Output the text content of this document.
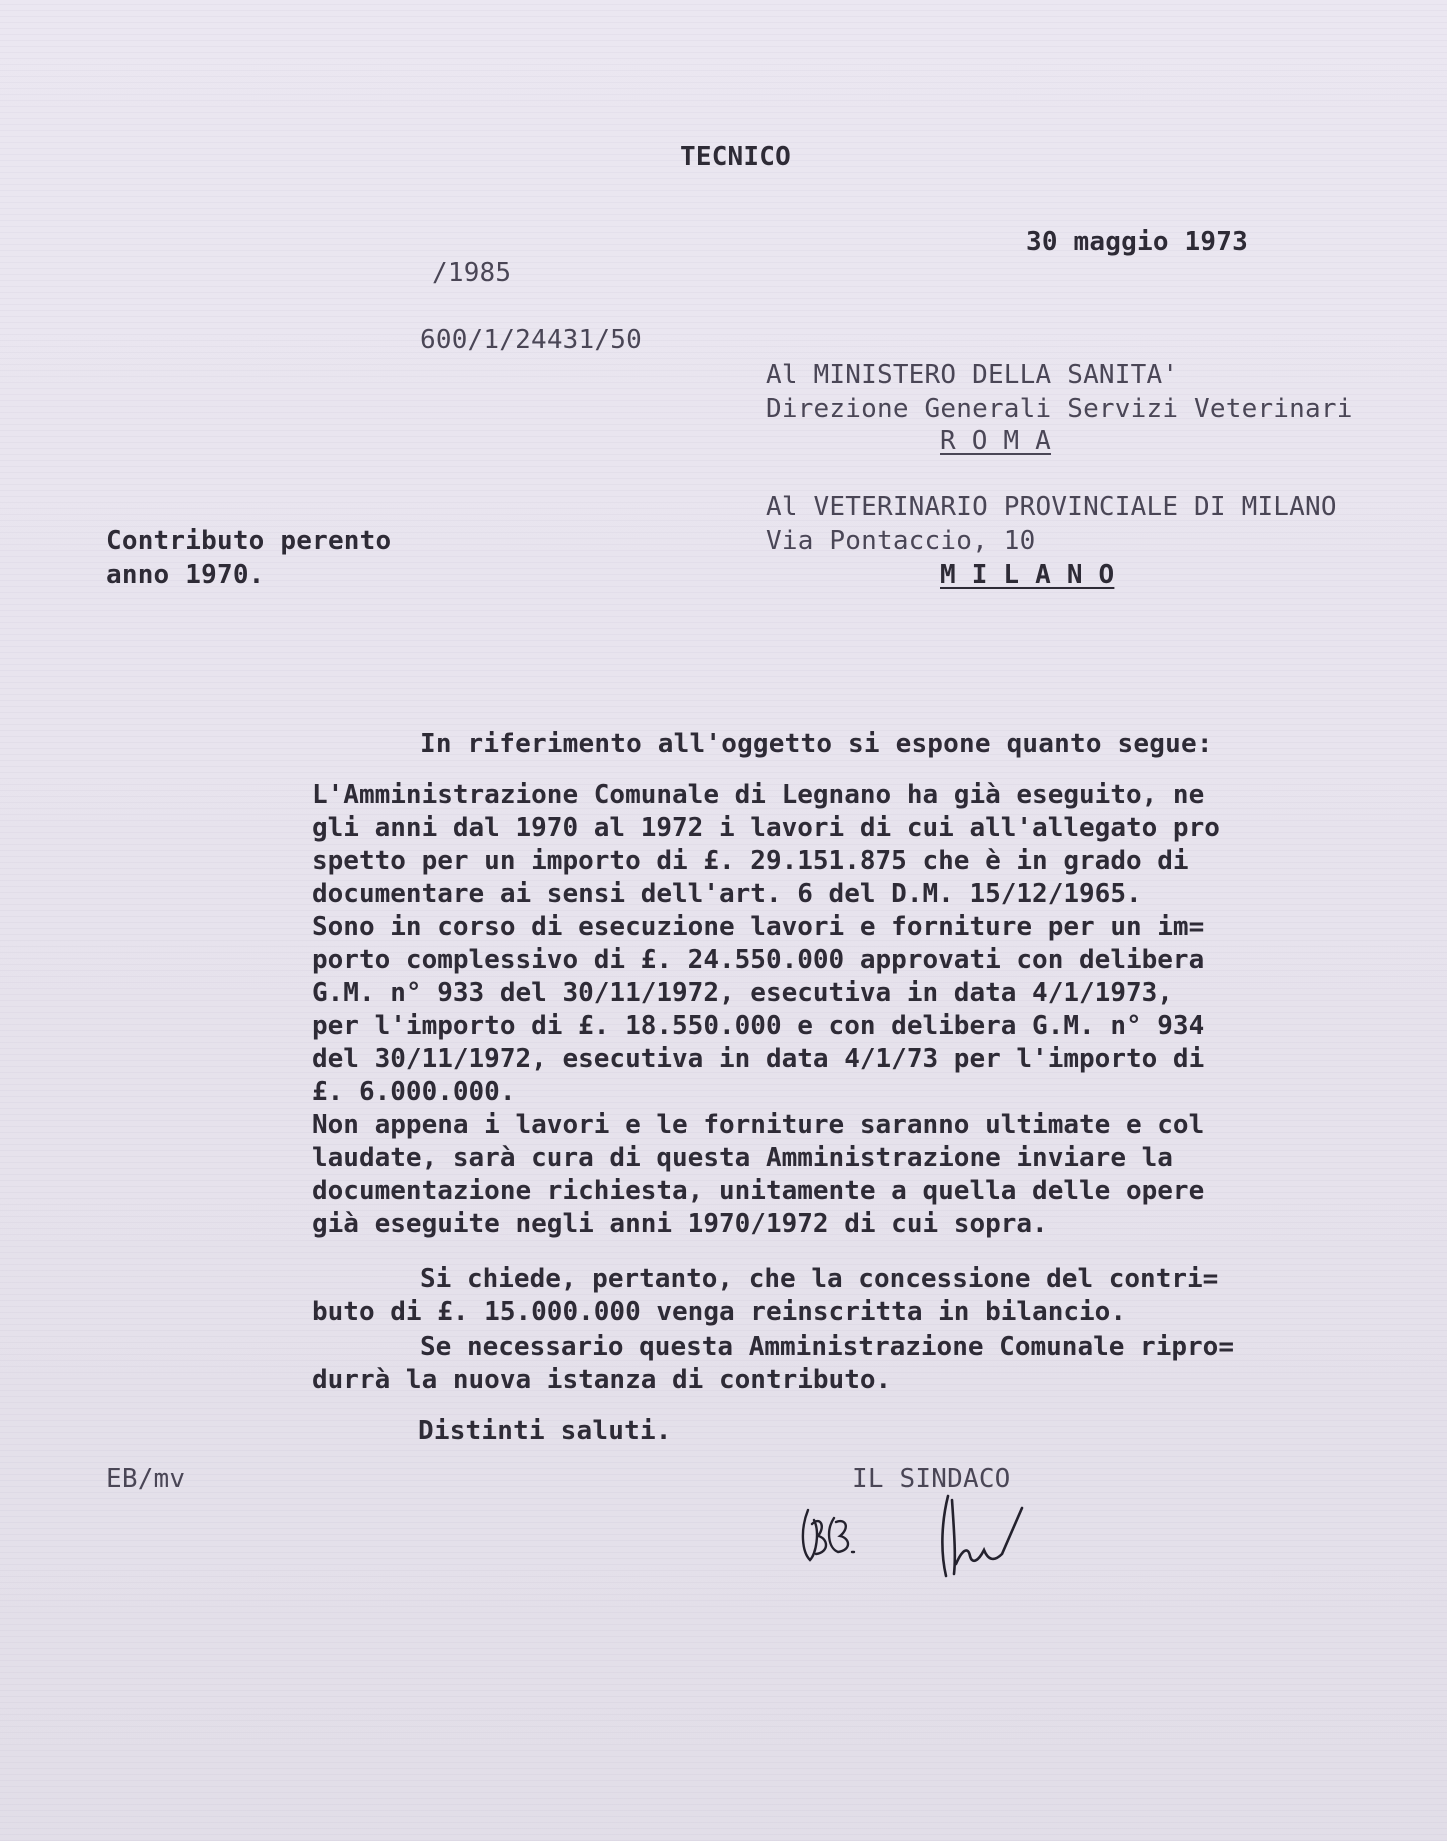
TECNICO
30 maggio 1973
/1985
600/1/24431/50
Al MINISTERO DELLA SANITA'
Direzione Generali Servizi Veterinari
R O M A
Al VETERINARIO PROVINCIALE DI MILANO
Via Pontaccio, 10
M I L A N O
Contributo perento
anno 1970.
In riferimento all'oggetto si espone quanto segue:
L'Amministrazione Comunale di Legnano ha già eseguito, ne
gli anni dal 1970 al 1972 i lavori di cui all'allegato pro
spetto per un importo di £. 29.151.875 che è in grado di
documentare ai sensi dell'art. 6 del D.M. 15/12/1965.
Sono in corso di esecuzione lavori e forniture per un im=
porto complessivo di £. 24.550.000 approvati con delibera
G.M. n° 933 del 30/11/1972, esecutiva in data 4/1/1973,
per l'importo di £. 18.550.000 e con delibera G.M. n° 934
del 30/11/1972, esecutiva in data 4/1/73 per l'importo di
£. 6.000.000.
Non appena i lavori e le forniture saranno ultimate e col
laudate, sarà cura di questa Amministrazione inviare la
documentazione richiesta, unitamente a quella delle opere
già eseguite negli anni 1970/1972 di cui sopra.
Si chiede, pertanto, che la concessione del contri=
buto di £. 15.000.000 venga reinscritta in bilancio.
Se necessario questa Amministrazione Comunale ripro=
durrà la nuova istanza di contributo.
Distinti saluti.
EB/mv	IL SINDACO
